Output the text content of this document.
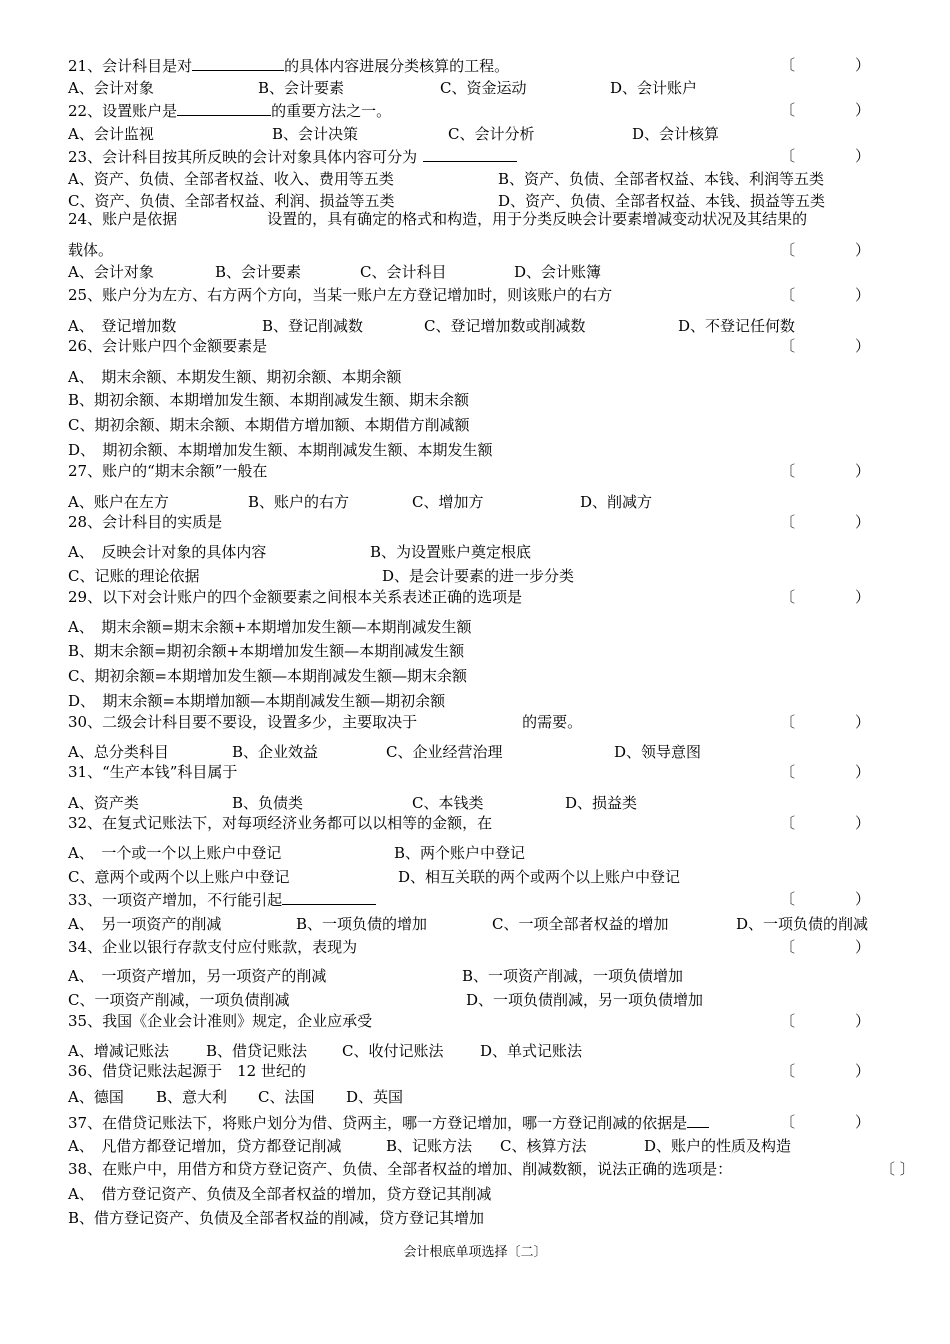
21、会计科目是对	的具体内容进展分类核算的工程。	〔　　　　）
A、会计对象	B、会计要素	C、资金运动	D、会计账户
22、设置账户是	的重要方法之一。	〔　　　　）
A、会计监视	B、会计决策	C、会计分析	D、会计核算
23、会计科目按其所反映的会计对象具体内容可分为	〔　　　　）
A、资产、负债、全部者权益、收入、费用等五类	B、资产、负债、全部者权益、本钱、利润等五类
C、资产、负债、全部者权益、利润、损益等五类	D、资产、负债、全部者权益、本钱、损益等五类
24、账户是依据　　　　　　设置的，具有确定的格式和构造，用于分类反映会计要素增减变动状况及其结果的
载体。	〔　　　　）
A、会计对象	B、会计要素	C、会计科目	D、会计账簿
25、账户分为左方、右方两个方向，当某一账户左方登记增加时，则该账户的右方	〔　　　　）
A、　登记增加数	B、登记削减数	C、登记增加数或削减数	D、不登记任何数
26、会计账户四个金额要素是	〔　　　　）
A、　期末余额、本期发生额、期初余额、本期余额
B、期初余额、本期增加发生额、本期削减发生额、期末余额
C、期初余额、期末余额、本期借方增加额、本期借方削减额
D、　期初余额、本期增加发生额、本期削减发生额、本期发生额
27、账户的“期末余额”一般在	〔　　　　）
A、账户在左方	B、账户的右方	C、增加方	D、削减方
28、会计科目的实质是	〔　　　　）
A、　反映会计对象的具体内容	B、为设置账户奠定根底
C、记账的理论依据	D、是会计要素的进一步分类
29、以下对会计账户的四个金额要素之间根本关系表述正确的选项是	〔　　　　）
A、　期末余额=期末余额+本期增加发生额—本期削减发生额
B、期末余额=期初余额+本期增加发生额—本期削减发生额
C、期初余额=本期增加发生额—本期削减发生额—期末余额
D、　期末余额=本期增加额—本期削减发生额—期初余额
30、二级会计科目要不要设，设置多少，主要取决于　　　　　　　的需要。	〔　　　　）
A、总分类科目	B、企业效益	C、企业经营治理	D、领导意图
31、“生产本钱”科目属于	〔　　　　）
A、资产类	B、负债类	C、本钱类	D、损益类
32、在复式记账法下，对每项经济业务都可以以相等的金额，在	〔　　　　）
A、　一个或一个以上账户中登记	B、两个账户中登记
C、意两个或两个以上账户中登记	D、相互关联的两个或两个以上账户中登记
33、一项资产增加，不行能引起	〔　　　　）
A、　另一项资产的削减	B、一项负债的增加	C、一项全部者权益的增加	D、一项负债的削减
34、企业以银行存款支付应付账款，表现为	〔　　　　）
A、　一项资产增加，另一项资产的削减	B、一项资产削减，一项负债增加
C、一项资产削减，一项负债削减	D、一项负债削减，另一项负债增加
35、我国《企业会计准则》规定，企业应承受	〔　　　　）
A、增减记账法 B、借贷记账法 C、收付记账法 D、单式记账法
36、借贷记账法起源于　12 世纪的	〔　　　　）
A、德国 B、意大利 C、法国 D、英国
37、在借贷记账法下，将账户划分为借、贷两主，哪一方登记增加，哪一方登记削减的依据是	〔　　　　）
A、　凡借方都登记增加，贷方都登记削减	B、记账方法 C、核算方法	D、账户的性质及构造
38、在账户中，用借方和贷方登记资产、负债、全部者权益的增加、削减数额，说法正确的选项是：	〔 〕
A、　借方登记资产、负债及全部者权益的增加，贷方登记其削减
B、借方登记资产、负债及全部者权益的削减，贷方登记其增加
会计根底单项选择〔二〕
